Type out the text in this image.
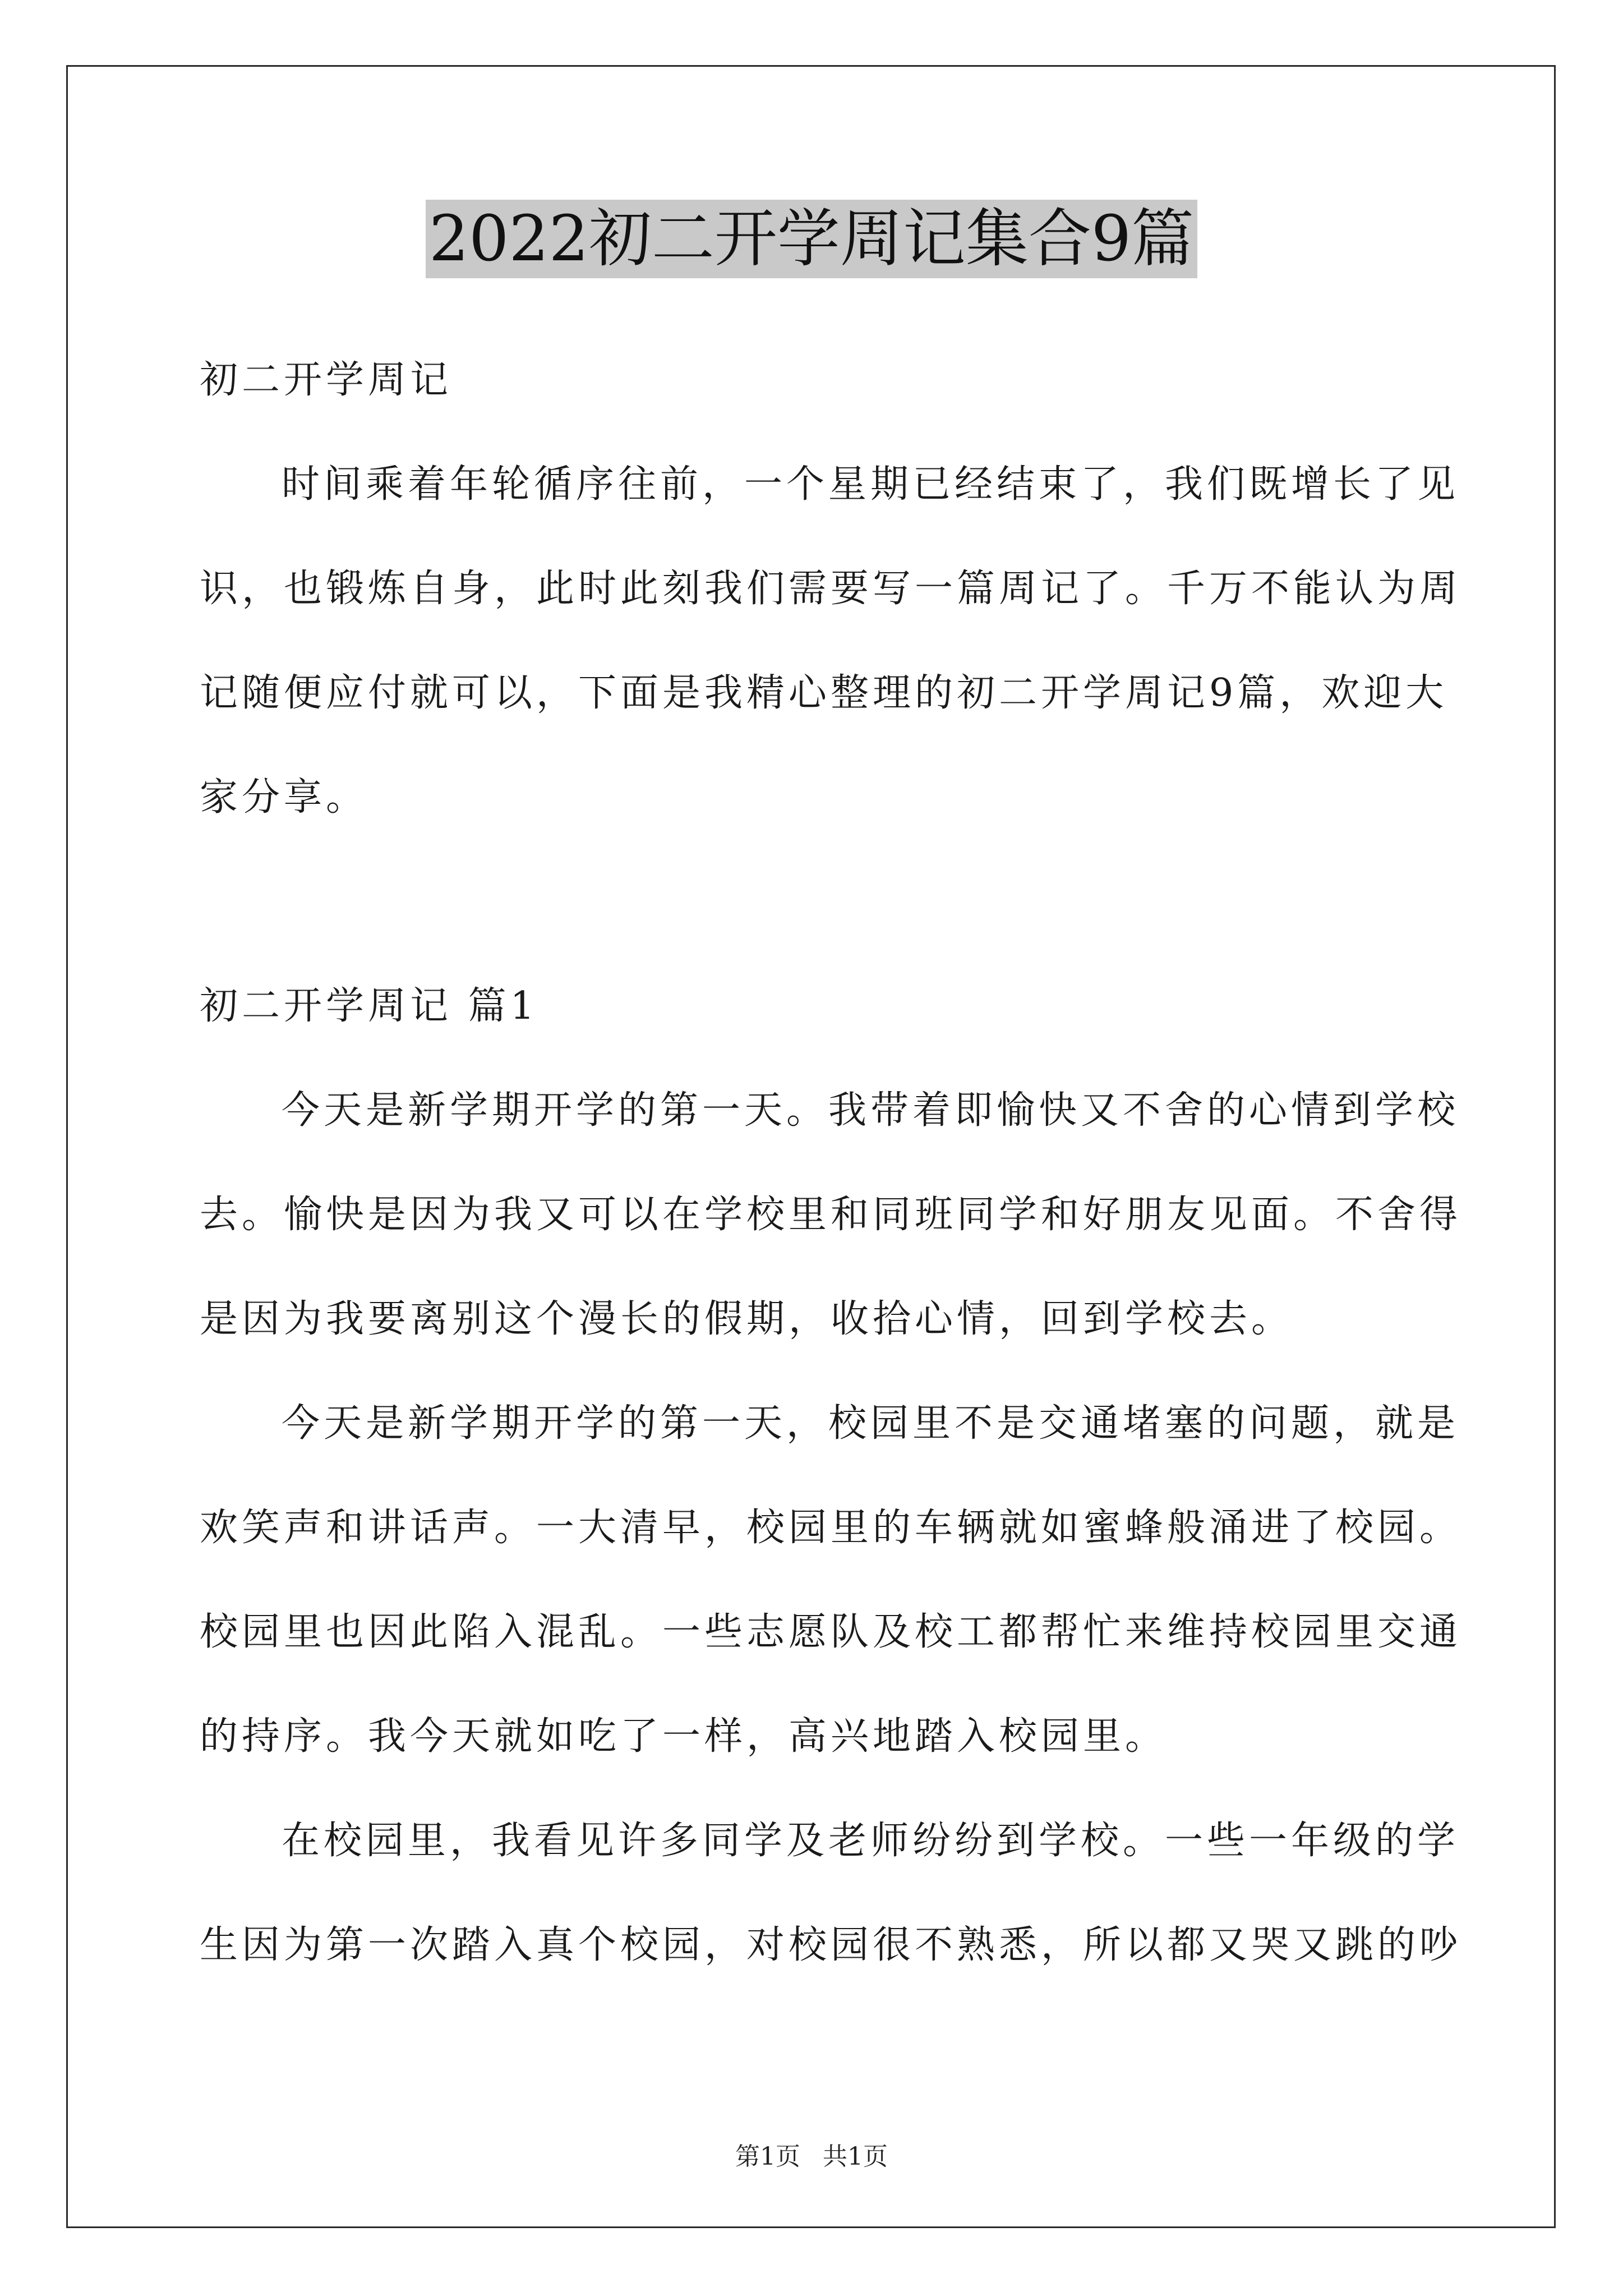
2022初二开学周记集合9篇
初二开学周记
时间乘着年轮循序往前，一个星期已经结束了，我们既增长了见
识，也锻炼自身，此时此刻我们需要写一篇周记了。千万不能认为周
记随便应付就可以，下面是我精心整理的初二开学周记9篇，欢迎大
家分享。
初二开学周记 篇1
今天是新学期开学的第一天。我带着即愉快又不舍的心情到学校
去。愉快是因为我又可以在学校里和同班同学和好朋友见面。不舍得
是因为我要离别这个漫长的假期，收拾心情，回到学校去。
今天是新学期开学的第一天，校园里不是交通堵塞的问题，就是
欢笑声和讲话声。一大清早，校园里的车辆就如蜜蜂般涌进了校园。
校园里也因此陷入混乱。一些志愿队及校工都帮忙来维持校园里交通
的持序。我今天就如吃了一样，高兴地踏入校园里。
在校园里，我看见许多同学及老师纷纷到学校。一些一年级的学
生因为第一次踏入真个校园，对校园很不熟悉，所以都又哭又跳的吵
第1页 共1页
